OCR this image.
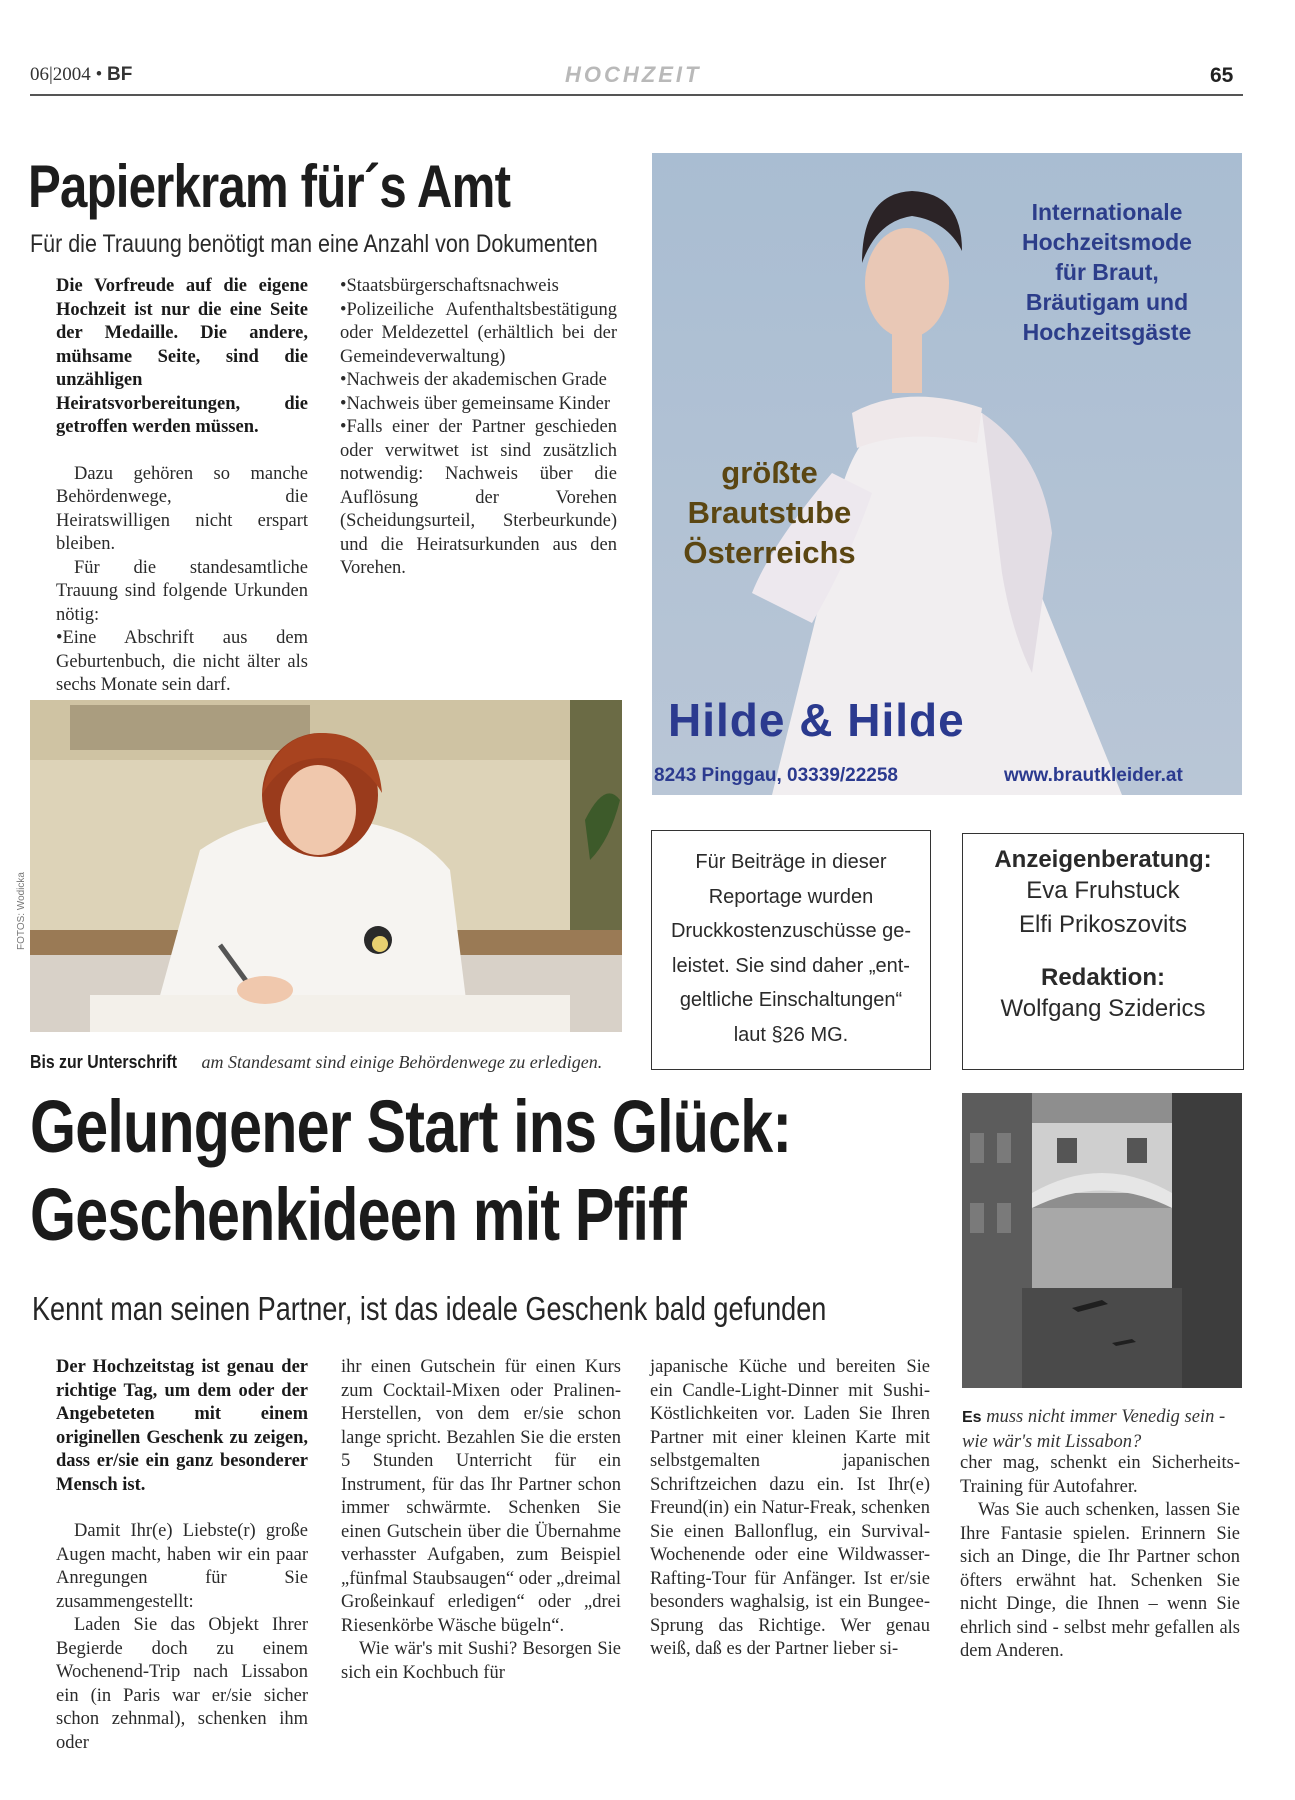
06|2004 • BF	HOCHZEIT	65
Papierkram für´s Amt
Für die Trauung benötigt man eine Anzahl von Dokumenten

Die Vorfreude auf die eigene Hochzeit ist nur die eine Seite der Medaille. Die andere, mühsame Seite, sind die unzähligen Heiratsvorbereitungen, die getroffen werden müssen.

Dazu gehören so manche Behördenwege, die Heiratswilligen nicht erspart bleiben.

Für die standesamtliche Trauung sind folgende Urkunden nötig:

•Eine Abschrift aus dem Geburtenbuch, die nicht älter als sechs Monate sein darf.

•Staatsbürgerschaftsnachweis

•Polizeiliche Aufenthaltsbestätigung oder Meldezettel (erhältlich bei der Gemeindeverwaltung)

•Nachweis der akademischen Grade

•Nachweis über gemeinsame Kinder

•Falls einer der Partner geschieden oder verwitwet ist sind zusätzlich notwendig: Nachweis über die Auflösung der Vorehen (Scheidungsurteil, Sterbeurkunde) und die Heiratsurkunden aus den Vorehen.

FOTOS: Wodicka
Bis zur Unterschrift am Standesamt sind einige Behördenwege zu erledigen.
Internationale
Hochzeitsmode
für Braut,
Bräutigam und
Hochzeitsgäste
größte
Brautstube
Österreichs
Hilde & Hilde
8243 Pinggau, 03339/22258	www.brautkleider.at
Für Beiträge in dieser
Reportage wurden
Druckkostenzuschüsse ge-
leistet. Sie sind daher „ent-
geltliche Einschaltungen“
laut §26 MG.
Anzeigenberatung:
Eva Fruhstuck
Elfi Prikoszovits
Redaktion:
Wolfgang Sziderics
Gelungener Start ins Glück:
Geschenkideen mit Pfiff
Kennt man seinen Partner, ist das ideale Geschenk bald gefunden

Der Hochzeitstag ist genau der richtige Tag, um dem oder der Angebeteten mit einem originellen Geschenk zu zeigen, dass er/sie ein ganz besonderer Mensch ist.

Damit Ihr(e) Liebste(r) große Augen macht, haben wir ein paar Anregungen für Sie zusammengestellt:

Laden Sie das Objekt Ihrer Begierde doch zu einem Wochenend-Trip nach Lissabon ein (in Paris war er/sie sicher schon zehnmal), schenken ihm oder

ihr einen Gutschein für einen Kurs zum Cocktail-Mixen oder Pralinen-Herstellen, von dem er/sie schon lange spricht. Bezahlen Sie die ersten 5 Stunden Unterricht für ein Instrument, für das Ihr Partner schon immer schwärmte. Schenken Sie einen Gutschein über die Übernahme verhasster Aufgaben, zum Beispiel „fünfmal Staubsaugen“ oder „dreimal Großeinkauf erledigen“ oder „drei Riesenkörbe Wäsche bügeln“.

Wie wär's mit Sushi? Besorgen Sie sich ein Kochbuch für

japanische Küche und bereiten Sie ein Candle-Light-Dinner mit Sushi-Köstlichkeiten vor. Laden Sie Ihren Partner mit einer kleinen Karte mit selbstgemalten japanischen Schriftzeichen dazu ein. Ist Ihr(e) Freund(in) ein Natur-Freak, schenken Sie einen Ballonflug, ein Survival-Wochenende oder eine Wildwasser-Rafting-Tour für Anfänger. Ist er/sie besonders waghalsig, ist ein Bungee-Sprung das Richtige. Wer genau weiß, daß es der Partner lieber si-

cher mag, schenkt ein Sicherheits-Training für Autofahrer.

Was Sie auch schenken, lassen Sie Ihre Fantasie spielen. Erinnern Sie sich an Dinge, die Ihr Partner schon öfters erwähnt hat. Schenken Sie nicht Dinge, die Ihnen – wenn Sie ehrlich sind - selbst mehr gefallen als dem Anderen.

Es muss nicht immer Venedig sein - wie wär's mit Lissabon?
